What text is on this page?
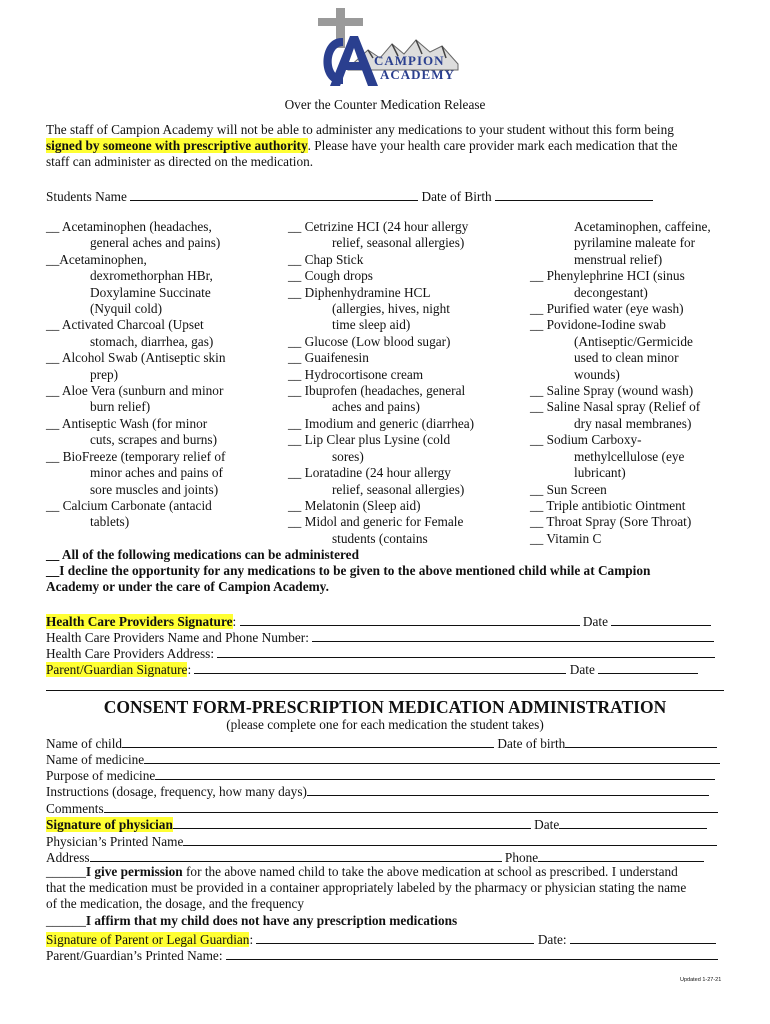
CAMPION
ACADEMY
Over the Counter Medication Release
The staff of Campion Academy will not be able to administer any medications to your student without this form being
signed by someone with prescriptive authority. Please have your health care provider mark each medication that the
staff can administer as directed on the medication.
Students Name	Date of Birth

__ Acetaminophen (headaches,

general aches and pains)

__Acetaminophen,

dexromethorphan HBr,

Doxylamine Succinate

(Nyquil cold)

__ Activated Charcoal (Upset

stomach, diarrhea, gas)

__ Alcohol Swab (Antiseptic skin

prep)

__ Aloe Vera (sunburn and minor

burn relief)

__ Antiseptic Wash (for minor

cuts, scrapes and burns)

__ BioFreeze (temporary relief of

minor aches and pains of

sore muscles and joints)

__ Calcium Carbonate (antacid

tablets)

__ Cetrizine HCI (24 hour allergy

relief, seasonal allergies)

__ Chap Stick

__ Cough drops

__ Diphenhydramine HCL

(allergies, hives, night

time sleep aid)

__ Glucose (Low blood sugar)

__ Guaifenesin

__ Hydrocortisone cream

__ Ibuprofen (headaches, general

aches and pains)

__ Imodium and generic (diarrhea)

__ Lip Clear plus Lysine (cold

sores)

__ Loratadine (24 hour allergy

relief, seasonal allergies)

__ Melatonin (Sleep aid)

__ Midol and generic for Female

students (contains

Acetaminophen, caffeine,

pyrilamine maleate for

menstrual relief)

__ Phenylephrine HCI (sinus

decongestant)

__ Purified water (eye wash)

__ Povidone-Iodine swab

(Antiseptic/Germicide

used to clean minor

wounds)

__ Saline Spray (wound wash)

__ Saline Nasal spray (Relief of

dry nasal membranes)

__ Sodium Carboxy-

methylcellulose (eye

lubricant)

__ Sun Screen

__ Triple antibiotic Ointment

__ Throat Spray (Sore Throat)

__ Vitamin C

__ All of the following medications can be administered
__I decline the opportunity for any medications to be given to the above mentioned child while at Campion
Academy or under the care of Campion Academy.
Health Care Providers Signature:	Date
Health Care Providers Name and Phone Number:
Health Care Providers Address:
Parent/Guardian Signature:	Date
CONSENT FORM-PRESCRIPTION MEDICATION ADMINISTRATION
(please complete one for each medication the student takes)
Name of child	Date of birth
Name of medicine
Purpose of medicine
Instructions (dosage, frequency, how many days)
Comments
Signature of physician	Date
Physician’s Printed Name
Address	Phone
______I give permission for the above named child to take the above medication at school as prescribed. I understand
that the medication must be provided in a container appropriately labeled by the pharmacy or physician stating the name
of the medication, the dosage, and the frequency
______I affirm that my child does not have any prescription medications
Signature of Parent or Legal Guardian:	Date:
Parent/Guardian’s Printed Name:
Updated 1-27-21
